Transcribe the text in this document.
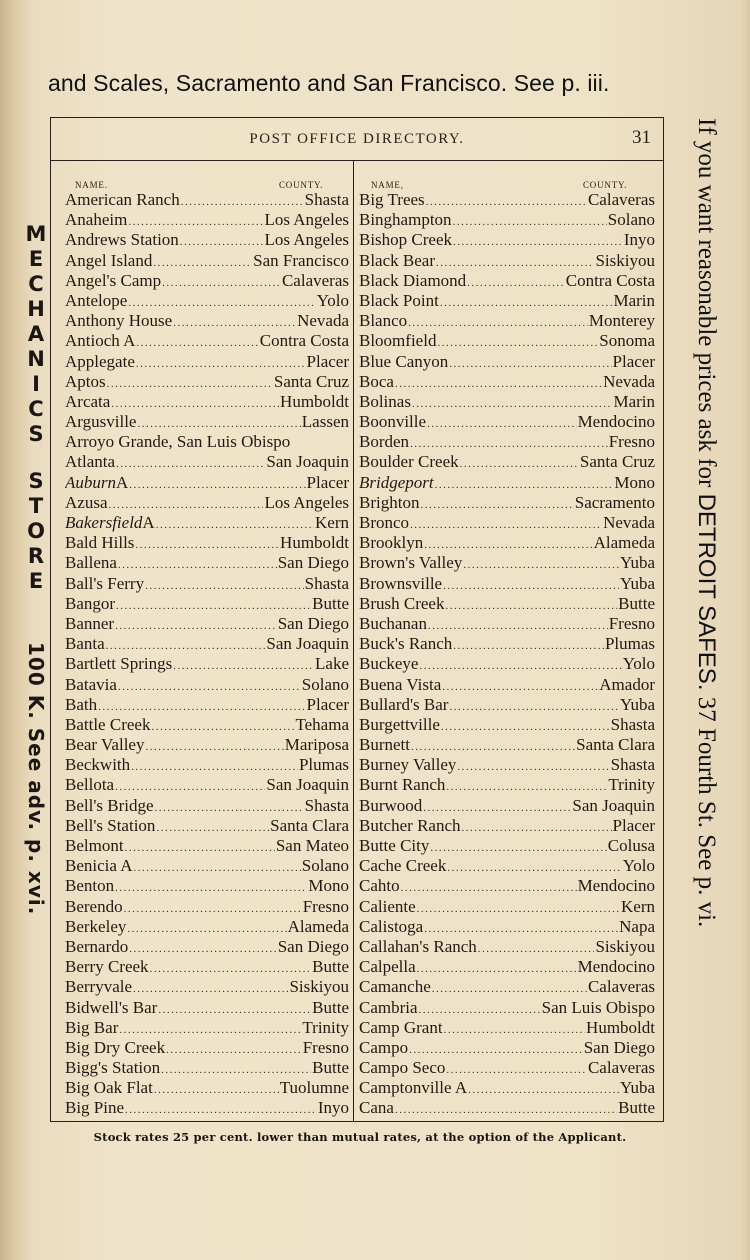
and Scales, Sacramento and San Francisco. See p. iii.
M
E
C
H
A
N
I
C
S
S
T
O
R
E
100 K. See adv. p. xvi.
If you want reasonable prices ask for DETROIT SAFES. 37 Fourth St. See p. vi.
POST OFFICE DIRECTORY.	31
NAME.	COUNTY.	NAME,	COUNTY.
American Ranch .....	Shasta
Anaheim .....	Los Angeles
Andrews Station .....	Los Angeles
Angel Island .....	San Francisco
Angel's Camp .....	Calaveras
Antelope .....	Yolo
Anthony House .....	Nevada
Antioch A .....	Contra Costa
Applegate .....	Placer
Aptos .....	Santa Cruz
Arcata .....	Humboldt
Argusville .....	Lassen
Arroyo Grande, San Luis Obispo
Atlanta .....	San Joaquin
Auburn A .....	Placer
Azusa .....	Los Angeles
Bakersfield A .....	Kern
Bald Hills .....	Humboldt
Ballena .....	San Diego
Ball's Ferry .....	Shasta
Bangor .....	Butte
Banner .....	San Diego
Banta .....	San Joaquin
Bartlett Springs .....	Lake
Batavia .....	Solano
Bath .....	Placer
Battle Creek .....	Tehama
Bear Valley .....	Mariposa
Beckwith .....	Plumas
Bellota .....	San Joaquin
Bell's Bridge .....	Shasta
Bell's Station .....	Santa Clara
Belmont .....	San Mateo
Benicia A .....	Solano
Benton .....	Mono
Berendo .....	Fresno
Berkeley .....	Alameda
Bernardo .....	San Diego
Berry Creek .....	Butte
Berryvale .....	Siskiyou
Bidwell's Bar .....	Butte
Big Bar .....	Trinity
Big Dry Creek .....	Fresno
Bigg's Station .....	Butte
Big Oak Flat .....	Tuolumne
Big Pine .....	Inyo
Big Trees .....	Calaveras
Binghampton .....	Solano
Bishop Creek .....	Inyo
Black Bear .....	Siskiyou
Black Diamond .....	Contra Costa
Black Point .....	Marin
Blanco .....	Monterey
Bloomfield .....	Sonoma
Blue Canyon .....	Placer
Boca .....	Nevada
Bolinas .....	Marin
Boonville .....	Mendocino
Borden .....	Fresno
Boulder Creek .....	Santa Cruz
Bridgeport .....	Mono
Brighton .....	Sacramento
Bronco .....	Nevada
Brooklyn .....	Alameda
Brown's Valley .....	Yuba
Brownsville .....	Yuba
Brush Creek .....	Butte
Buchanan .....	Fresno
Buck's Ranch .....	Plumas
Buckeye .....	Yolo
Buena Vista .....	Amador
Bullard's Bar .....	Yuba
Burgettville .....	Shasta
Burnett .....	Santa Clara
Burney Valley .....	Shasta
Burnt Ranch .....	Trinity
Burwood .....	San Joaquin
Butcher Ranch .....	Placer
Butte City .....	Colusa
Cache Creek .....	Yolo
Cahto .....	Mendocino
Caliente .....	Kern
Calistoga .....	Napa
Callahan's Ranch .....	Siskiyou
Calpella .....	Mendocino
Camanche .....	Calaveras
Cambria .....	San Luis Obispo
Camp Grant .....	Humboldt
Campo .....	San Diego
Campo Seco .....	Calaveras
Camptonville A .....	Yuba
Cana .....	Butte
Stock rates 25 per cent. lower than mutual rates, at the option of the Applicant.
